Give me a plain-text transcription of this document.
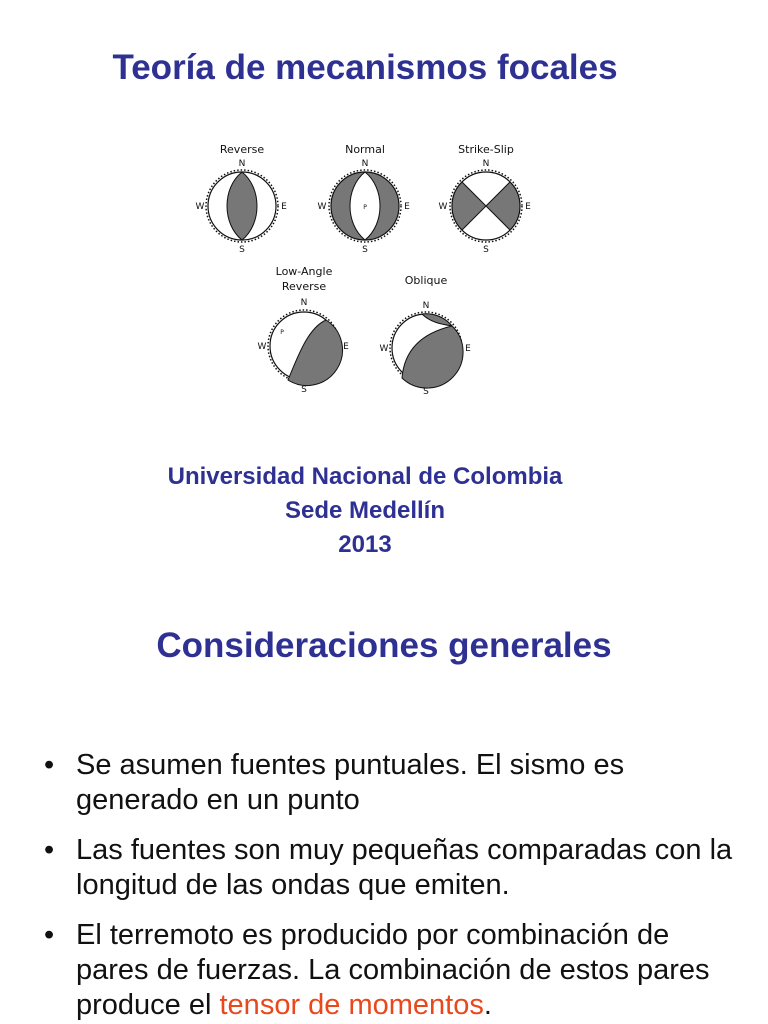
Teoría de mecanismos focales
Reverse
N
W	E
S
Normal
N
P
W	E
S
Strike-Slip
N
W	E
S
Low-Angle
Reverse
N
P
W	E
S
Oblique
N
W	E
S
Universidad Nacional de Colombia
Sede Medellín
2013
Consideraciones generales
• Se asumen fuentes puntuales. El sismo es generado en un punto
• Las fuentes son muy pequeñas comparadas con la longitud de las ondas que emiten.
• El terremoto es producido por combinación de pares de fuerzas. La combinación de estos pares produce el tensor de momentos.
